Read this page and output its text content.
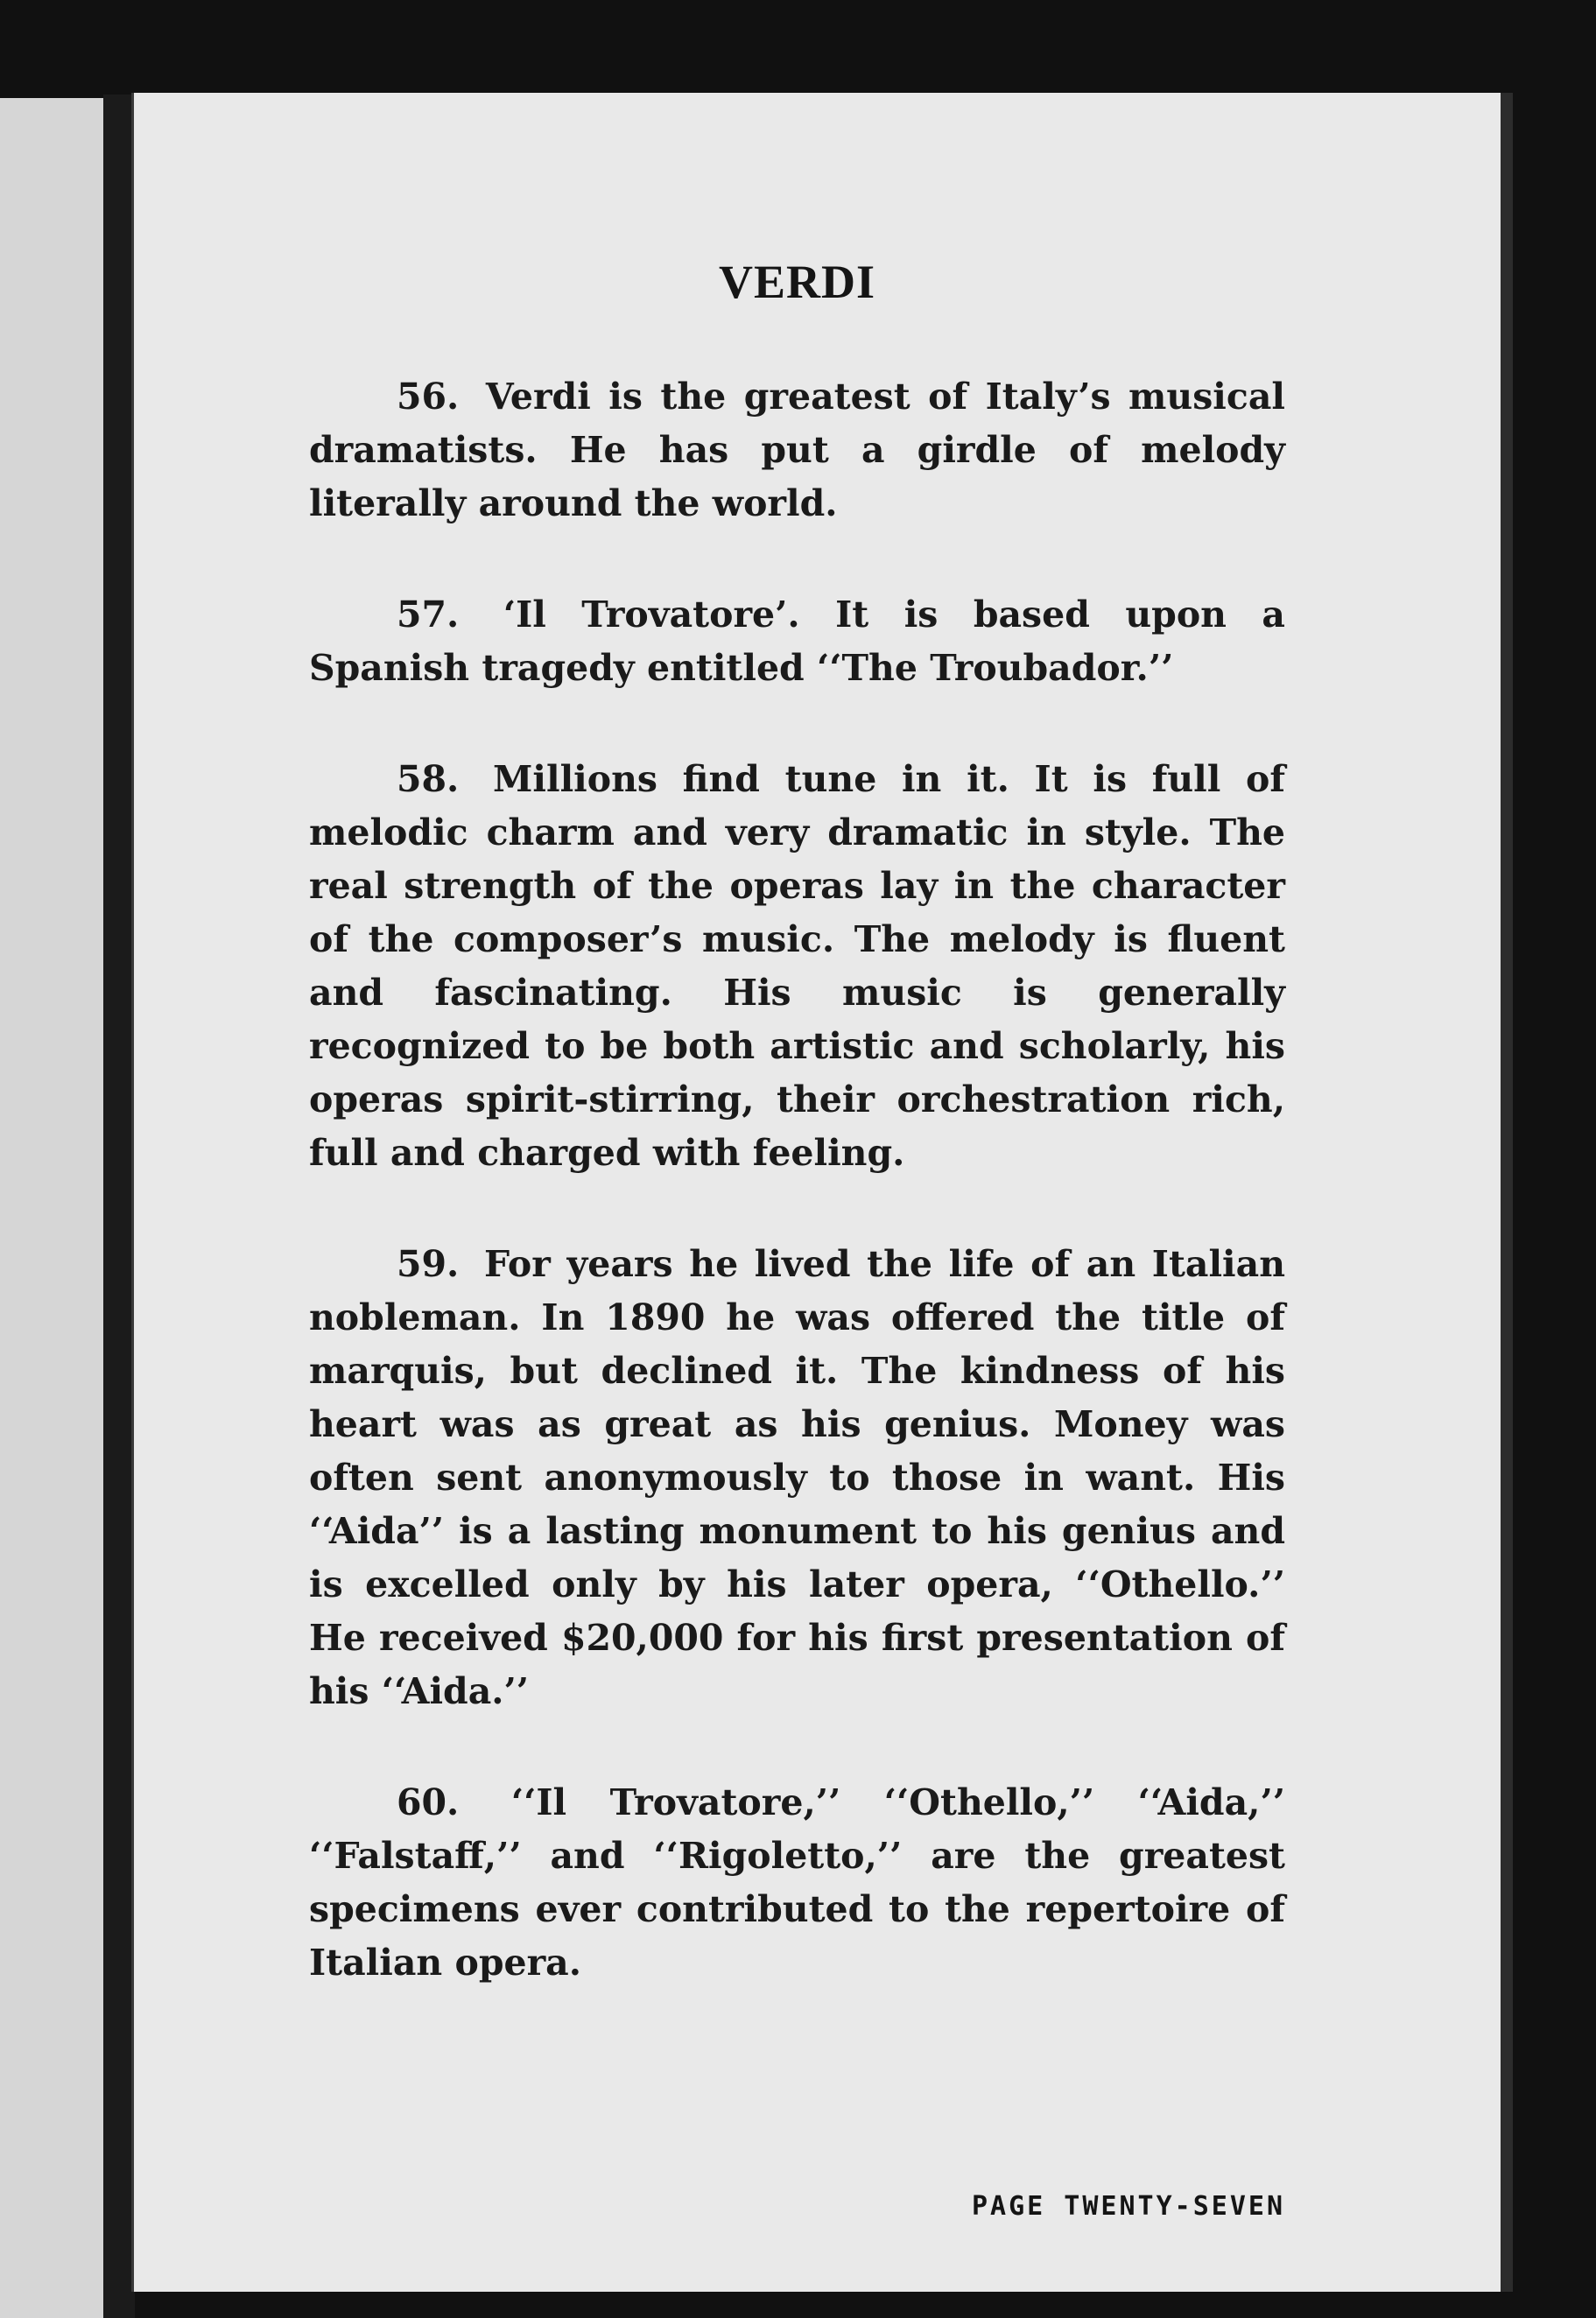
VERDI

56. Verdi is the greatest of Italy’s musical dramatists. He has put a girdle of melody literally around the world.

57. ‘Il Trovatore’. It is based upon a Spanish tragedy entitled ‘‘The Troubador.’’

58. Millions find tune in it. It is full of melodic charm and very dramatic in style. The real strength of the operas lay in the character of the composer’s music. The melody is fluent and fascinating. His music is generally recognized to be both artistic and scholarly, his operas spirit-stirring, their orchestration rich, full and charged with feeling.

59. For years he lived the life of an Italian nobleman. In 1890 he was offered the title of marquis, but declined it. The kindness of his heart was as great as his genius. Money was often sent anonymously to those in want. His ‘‘Aida’’ is a lasting monument to his genius and is excelled only by his later opera, ‘‘Othello.’’ He received $20,000 for his first presentation of his ‘‘Aida.’’

60. ‘‘Il Trovatore,’’ ‘‘Othello,’’ ‘‘Aida,’’ ‘‘Falstaff,’’ and ‘‘Rigoletto,’’ are the greatest specimens ever contributed to the repertoire of Italian opera.

PAGE TWENTY-SEVEN
